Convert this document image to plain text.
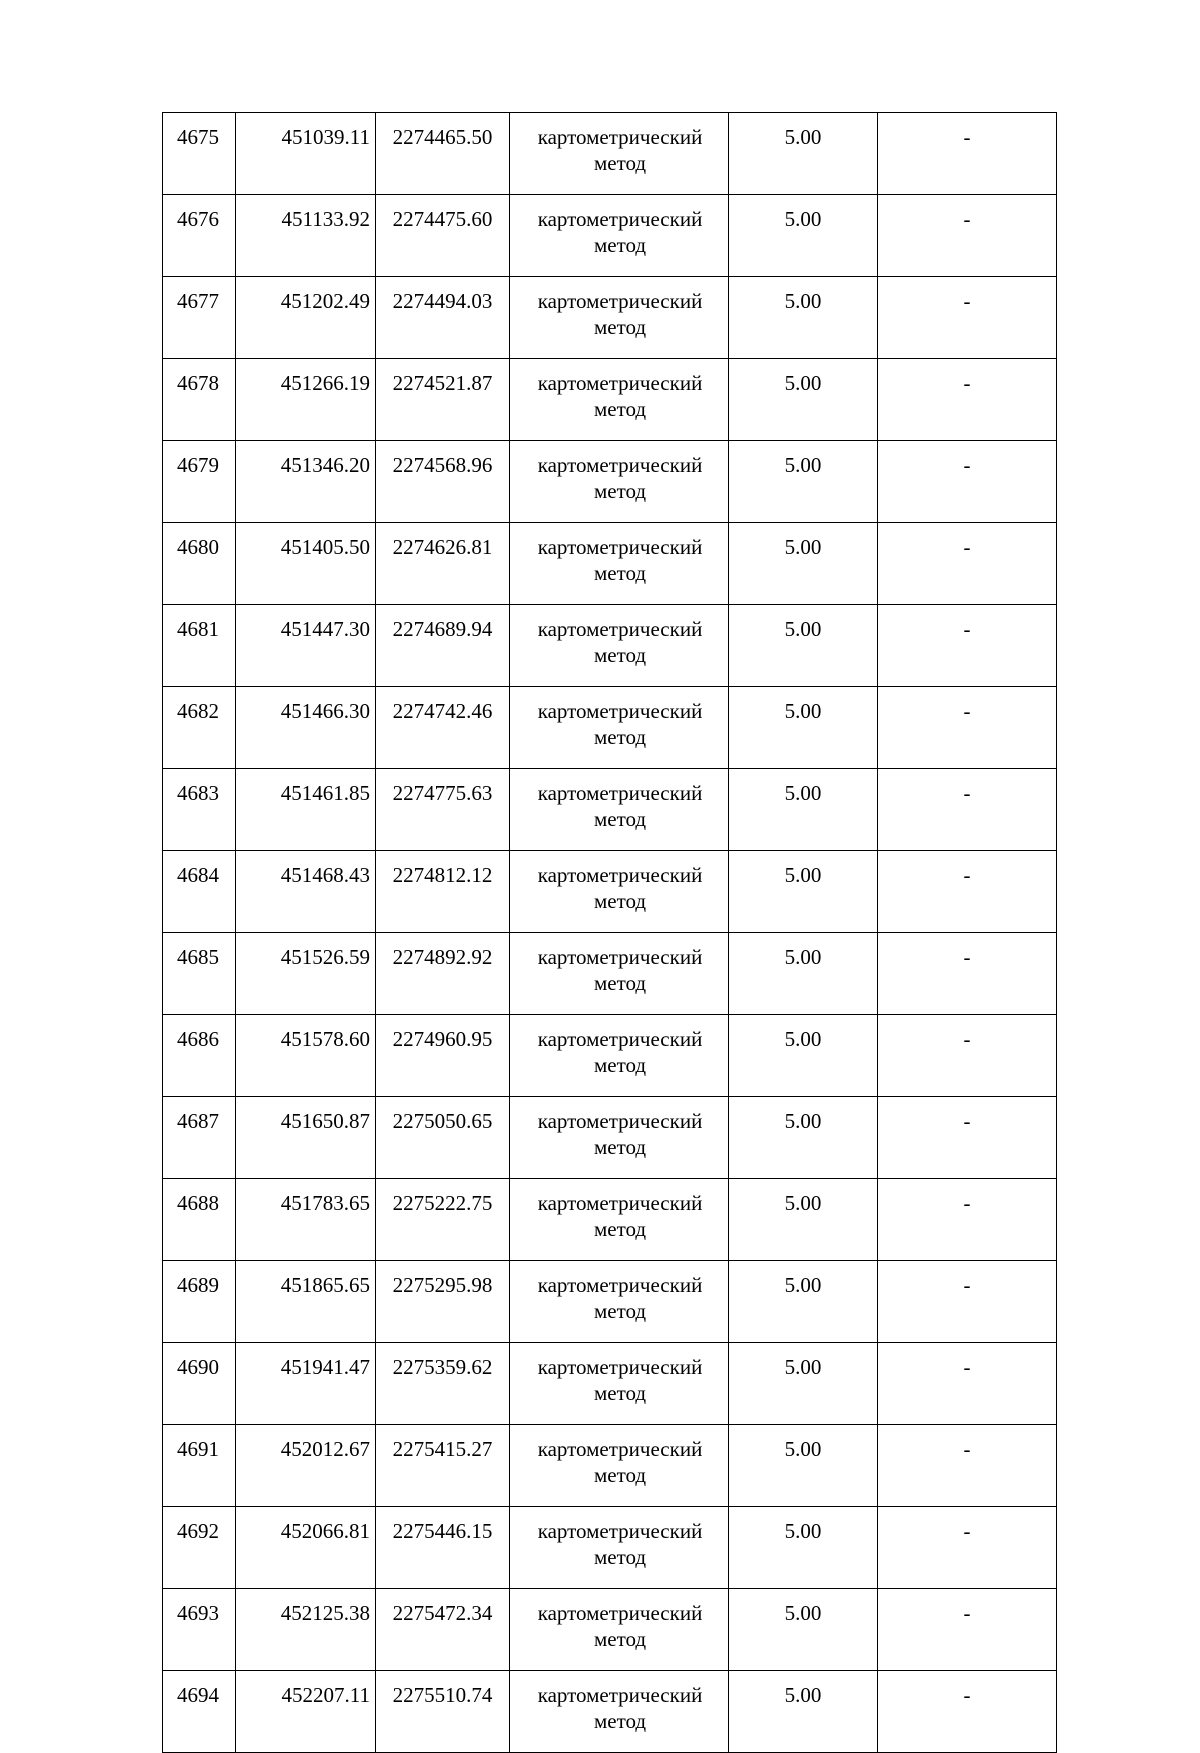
4675	451039.11	2274465.50	картометрический метод	5.00	-
4676	451133.92	2274475.60	картометрический метод	5.00	-
4677	451202.49	2274494.03	картометрический метод	5.00	-
4678	451266.19	2274521.87	картометрический метод	5.00	-
4679	451346.20	2274568.96	картометрический метод	5.00	-
4680	451405.50	2274626.81	картометрический метод	5.00	-
4681	451447.30	2274689.94	картометрический метод	5.00	-
4682	451466.30	2274742.46	картометрический метод	5.00	-
4683	451461.85	2274775.63	картометрический метод	5.00	-
4684	451468.43	2274812.12	картометрический метод	5.00	-
4685	451526.59	2274892.92	картометрический метод	5.00	-
4686	451578.60	2274960.95	картометрический метод	5.00	-
4687	451650.87	2275050.65	картометрический метод	5.00	-
4688	451783.65	2275222.75	картометрический метод	5.00	-
4689	451865.65	2275295.98	картометрический метод	5.00	-
4690	451941.47	2275359.62	картометрический метод	5.00	-
4691	452012.67	2275415.27	картометрический метод	5.00	-
4692	452066.81	2275446.15	картометрический метод	5.00	-
4693	452125.38	2275472.34	картометрический метод	5.00	-
4694	452207.11	2275510.74	картометрический метод	5.00	-
